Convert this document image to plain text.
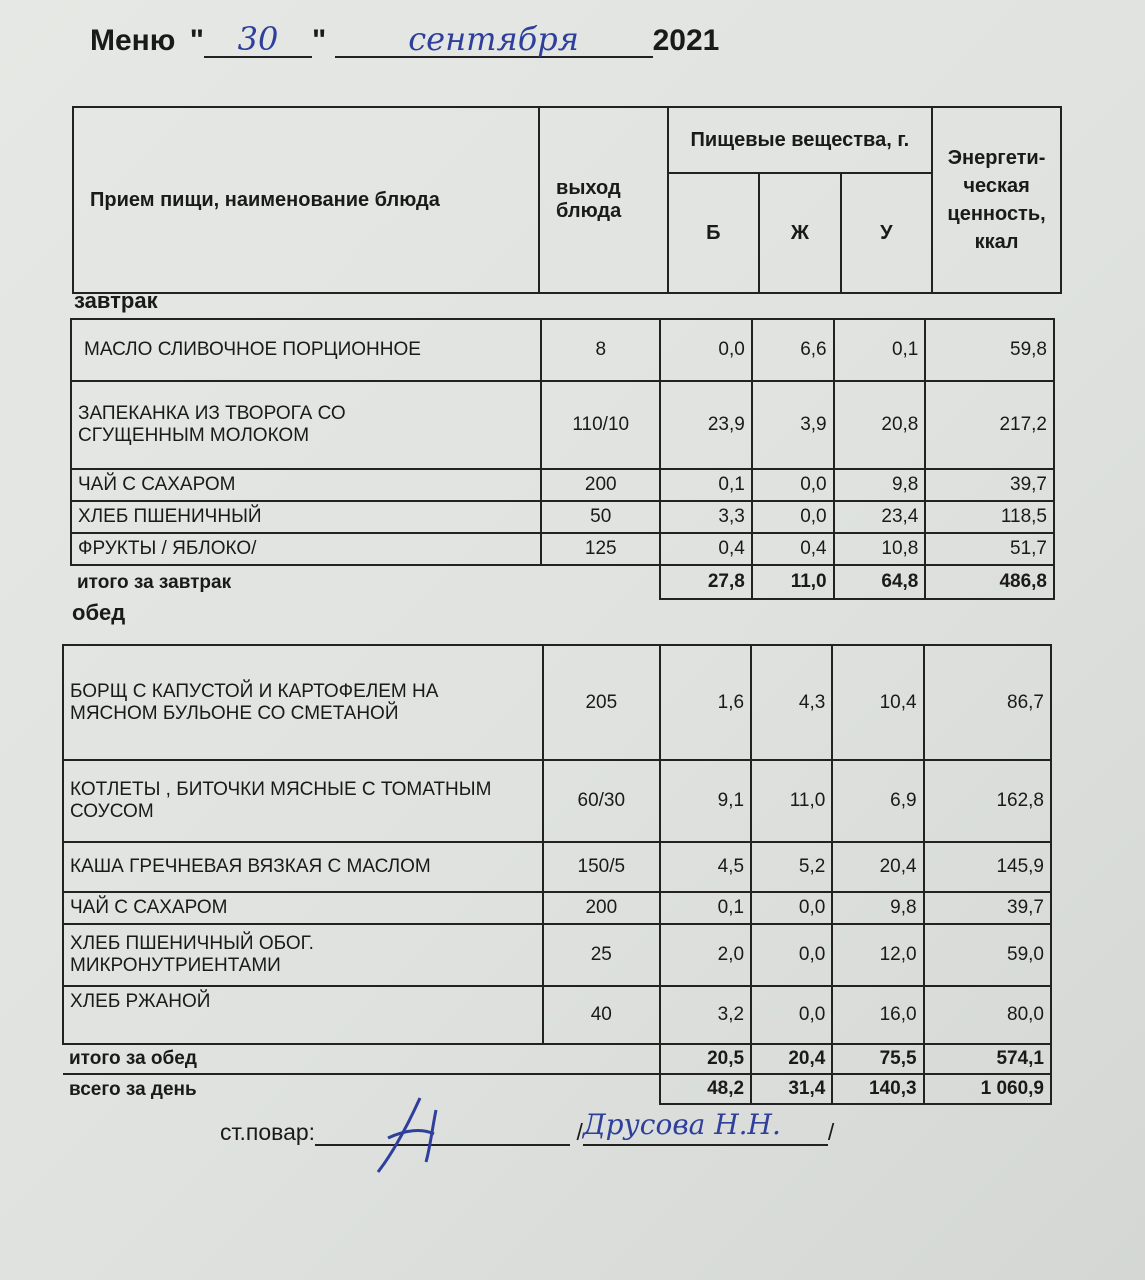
Меню " 30 "	сентября 2021
Прием пищи, наименование блюда	выход блюда	Пищевые вещества, г.			Энергети-ческая ценность, ккал
		Б	Ж	У	
завтрак
МАСЛО СЛИВОЧНОЕ ПОРЦИОННОЕ	8	0,0	6,6	0,1	59,8
ЗАПЕКАНКА ИЗ ТВОРОГА СО СГУЩЕННЫМ МОЛОКОМ	110/10	23,9	3,9	20,8	217,2
ЧАЙ С САХАРОМ	200	0,1	0,0	9,8	39,7
ХЛЕБ ПШЕНИЧНЫЙ	50	3,3	0,0	23,4	118,5
ФРУКТЫ / ЯБЛОКО/	125	0,4	0,4	10,8	51,7
итого за завтрак		27,8	11,0	64,8	486,8
обед
БОРЩ С КАПУСТОЙ И КАРТОФЕЛЕМ НА МЯСНОМ БУЛЬОНЕ СО СМЕТАНОЙ	205	1,6	4,3	10,4	86,7
КОТЛЕТЫ , БИТОЧКИ МЯСНЫЕ С ТОМАТНЫМ СОУСОМ	60/30	9,1	11,0	6,9	162,8
КАША ГРЕЧНЕВАЯ ВЯЗКАЯ С МАСЛОМ	150/5	4,5	5,2	20,4	145,9
ЧАЙ С САХАРОМ	200	0,1	0,0	9,8	39,7
ХЛЕБ ПШЕНИЧНЫЙ ОБОГ. МИКРОНУТРИЕНТАМИ	25	2,0	0,0	12,0	59,0
ХЛЕБ РЖАНОЙ	40	3,2	0,0	16,0	80,0
итого за обед		20,5	20,4	75,5	574,1
всего за день		48,2	31,4	140,3	1 060,9
ст.повар:	/Друсова Н.Н. /
